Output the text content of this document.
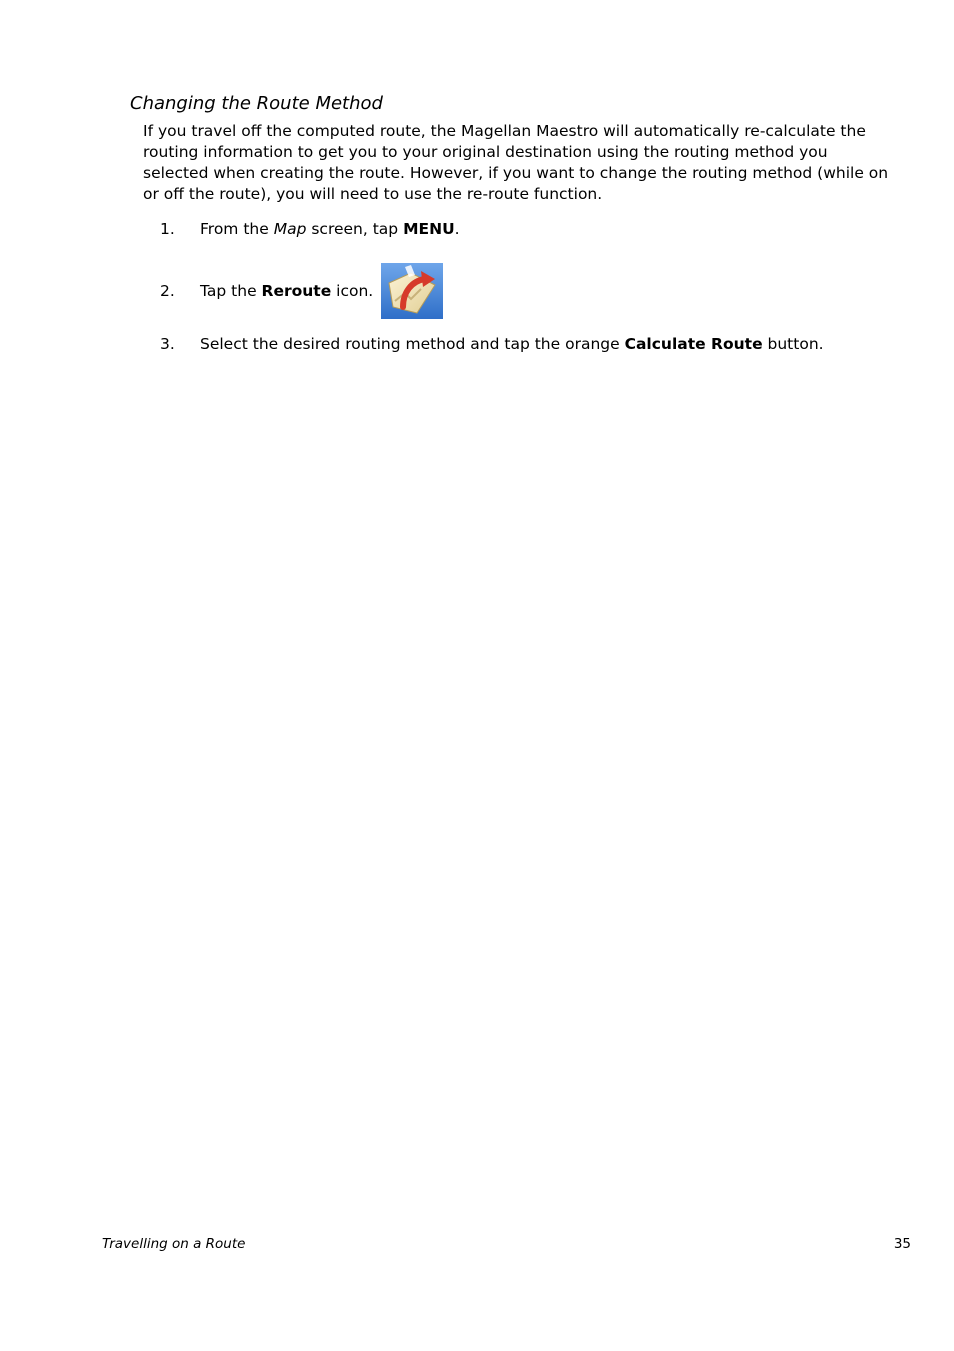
Changing the Route Method

If you travel off the computed route, the Magellan Maestro will automatically re-calculate the routing information to get you to your original destination using the routing method you selected when creating the route. However, if you want to change the routing method (while on or off the route), you will need to use the re-route function.

1.	From the Map screen, tap MENU.
2.	Tap the Reroute icon.
3.	Select the desired routing method and tap the orange Calculate Route button.
Travelling on a Route	35
